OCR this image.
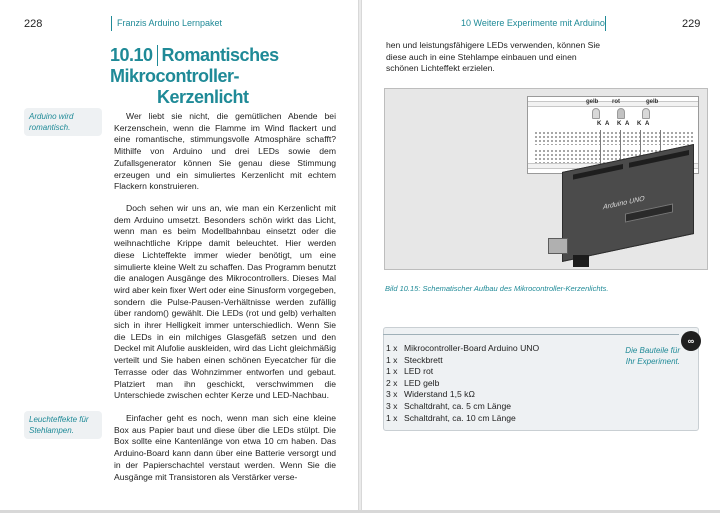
228	Franzis Arduino Lernpaket
10.10 Romantisches Mikrocontroller-
Kerzenlicht
Arduino wird romantisch.
Leuchteffekte für Stehlampen.

Wer liebt sie nicht, die gemütlichen Abende bei Kerzenschein, wenn die Flamme im Wind flackert und eine romantische, stimmungsvolle Atmosphäre schafft? Mithilfe von Arduino und drei LEDs sowie dem Zufallsgenerator können Sie genau diese Stimmung erzeugen und ein simuliertes Kerzenlicht mit echtem Flackern konstruieren.

Doch sehen wir uns an, wie man ein Kerzenlicht mit dem Arduino umsetzt. Besonders schön wirkt das Licht, wenn man es beim Modellbahnbau einsetzt oder die weihnachtliche Krippe damit beleuchtet. Hier werden diese Lichteffekte immer wieder benötigt, um eine simulierte kleine Welt zu schaffen. Das Programm benutzt die analogen Ausgänge des Mikrocontrollers. Dieses Mal wird aber kein fixer Wert oder eine Sinusform vorgegeben, sondern die Pulse-Pausen-Verhältnisse werden zufällig über random() gewählt. Die LEDs (rot und gelb) verhalten sich in ihrer Helligkeit immer unterschiedlich. Wenn Sie die LEDs in ein milchiges Glasgefäß setzen und den Deckel mit Alufolie auskleiden, wird das Licht gleichmäßig verteilt und Sie haben einen schönen Eyecatcher für die Terrasse oder das Wohnzimmer entworfen und gebaut. Platziert man ihn geschickt, verschwimmen die Unterschiede zwischen echter Kerze und LED-Nachbau.

Einfacher geht es noch, wenn man sich eine kleine Box aus Papier baut und diese über die LEDs stülpt. Die Box sollte eine Kantenlänge von etwa 10 cm haben. Das Arduino-Board kann dann über eine Batterie versorgt und in der Papierschachtel verstaut werden. Wenn Sie die Ausgänge mit Transistoren als Verstärker verse-

10 Weitere Experimente mit Arduino	229

hen und leistungsfähigere LEDs verwenden, können Sie diese auch in eine Stehlampe einbauen und einen schönen Lichteffekt erzielen.

gelb rot	gelb
K A K A K A
Arduino UNO
Bild 10.15: Schematischer Aufbau des Mikrocontroller-Kerzenlichts.
∞
1 x Mikrocontroller-Board Arduino UNO
1 x Steckbrett
1 x LED rot
2 x LED gelb
3 x Widerstand 1,5 kΩ
3 x Schaltdraht, ca. 5 cm Länge
1 x Schaltdraht, ca. 10 cm Länge
Die Bauteile für Ihr Experiment.
